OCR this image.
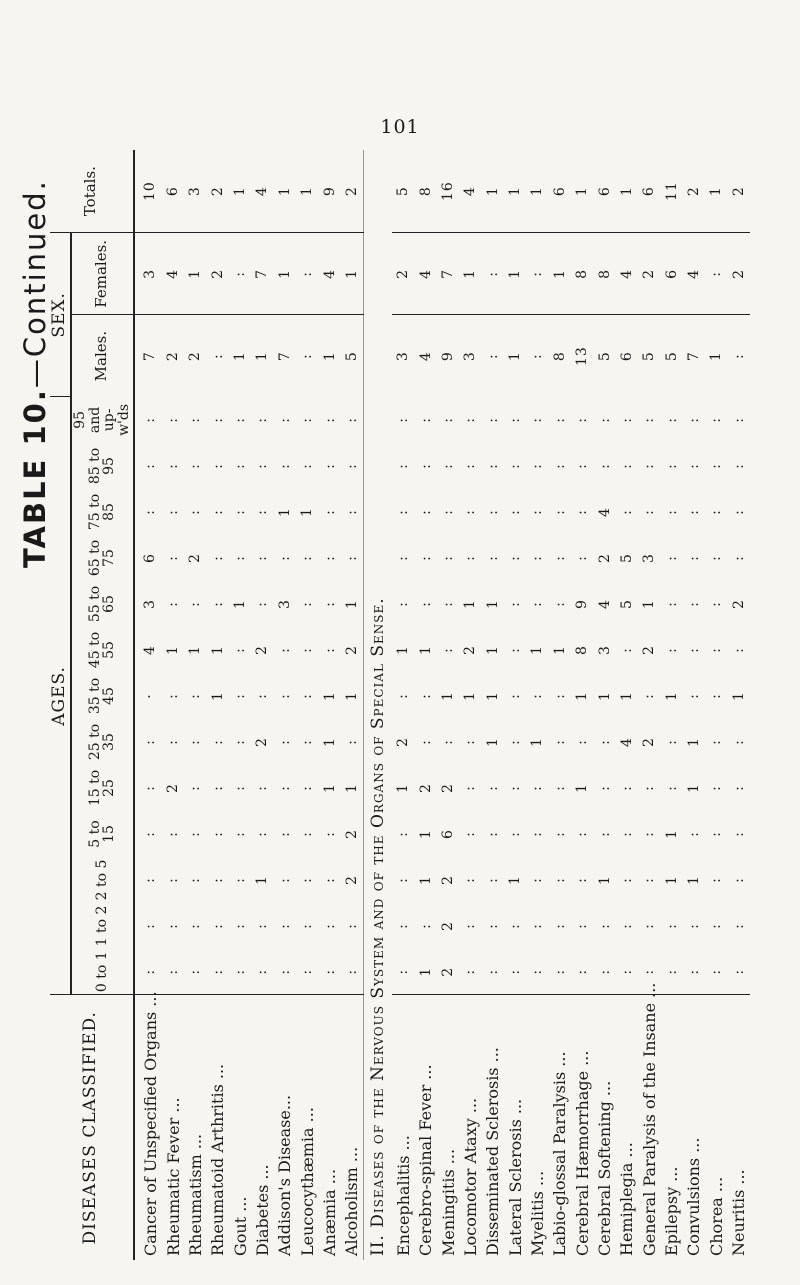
101
TABLE 10.—Continued.
DISEASES CLASSIFIED.	AGES.													SEX.		Totals.
	0 to 1	1 to 2	2 to 5	5 to 15	15 to 25	25 to 35	35 to 45	45 to 55	55 to 65	65 to 75	75 to 85	85 to 95	95 and up-w'ds	Males.	Females.	
Cancer of Unspecified Organs ...	:	:	:	:	:	:	·	4	3	6	:	:	:	7	3	10
Rheumatic Fever ...	:	:	:	:	2	:	:	1	:	:	:	:	:	2	4	6
Rheumatism ...	:	:	:	:	:	:	:	1	:	2	:	:	:	2	1	3
Rheumatoid Arthritis ...	:	:	:	:	:	:	1	1	:	:	:	:	:	:	2	2
Gout ...	:	:	:	:	:	:	:	:	1	:	:	:	:	1	:	1
Diabetes ...	:	:	1	:	:	2	:	2	:	:	:	:	:	1	7	4
Addison's Disease...	:	:	:	:	:	:	:	:	3	:	1	:	:	7	1	1
Leucocythæmia ...	:	:	:	:	:	:	:	:	:	:	1	:	:	:	:	1
Anæmia ...	:	:	:	:	1	1	1	:	:	:	:	:	:	1	4	9
Alcoholism ...	:	:	2	2	1	:	1	2	1	:	:	:	:	5	1	2
II. Diseases of the Nervous System and of the Organs of Special Sense.																
Encephalitis ...	:	:	:	:	1	2	:	1	:	:	:	:	:	3	2	5
Cerebro-spinal Fever ...	1	:	1	1	2	:	:	1	:	:	:	:	:	4	4	8
Meningitis ...	2	2	2	6	2	:	1	:	:	:	:	:	:	9	7	16
Locomotor Ataxy ...	:	:	:	:	:	:	1	2	1	:	:	:	:	3	1	4
Disseminated Sclerosis ...	:	:	:	:	:	1	1	1	1	:	:	:	:	:	:	1
Lateral Sclerosis ...	:	:	1	:	:	:	:	:	:	:	:	:	:	1	1	1
Myelitis ...	:	:	:	:	:	1	:	1	:	:	:	:	:	:	:	1
Labio-glossal Paralysis ...	:	:	:	:	:	:	:	1	:	:	:	:	:	8	1	6
Cerebral Hæmorrhage ...	:	:	:	:	1	:	1	8	9	:	:	:	:	13	8	1
Cerebral Softening ...	:	:	1	:	:	:	1	3	4	2	4	:	:	5	8	6
Hemiplegia ...	:	:	:	:	:	4	1	:	5	5	:	:	:	6	4	1
General Paralysis of the Insane ...	:	:	:	:	:	2	:	2	1	3	:	:	:	5	2	6
Epilepsy ...	:	:	1	1	:	:	1	:	:	:	:	:	:	5	6	11
Convulsions ...	:	:	1	:	1	1	:	:	:	:	:	:	:	7	4	2
Chorea ...	:	:	:	:	:	:	:	:	:	:	:	:	:	1	:	1
Neuritis ...	:	:	:	:	:	:	1	:	2	:	:	:	:	:	2	2
